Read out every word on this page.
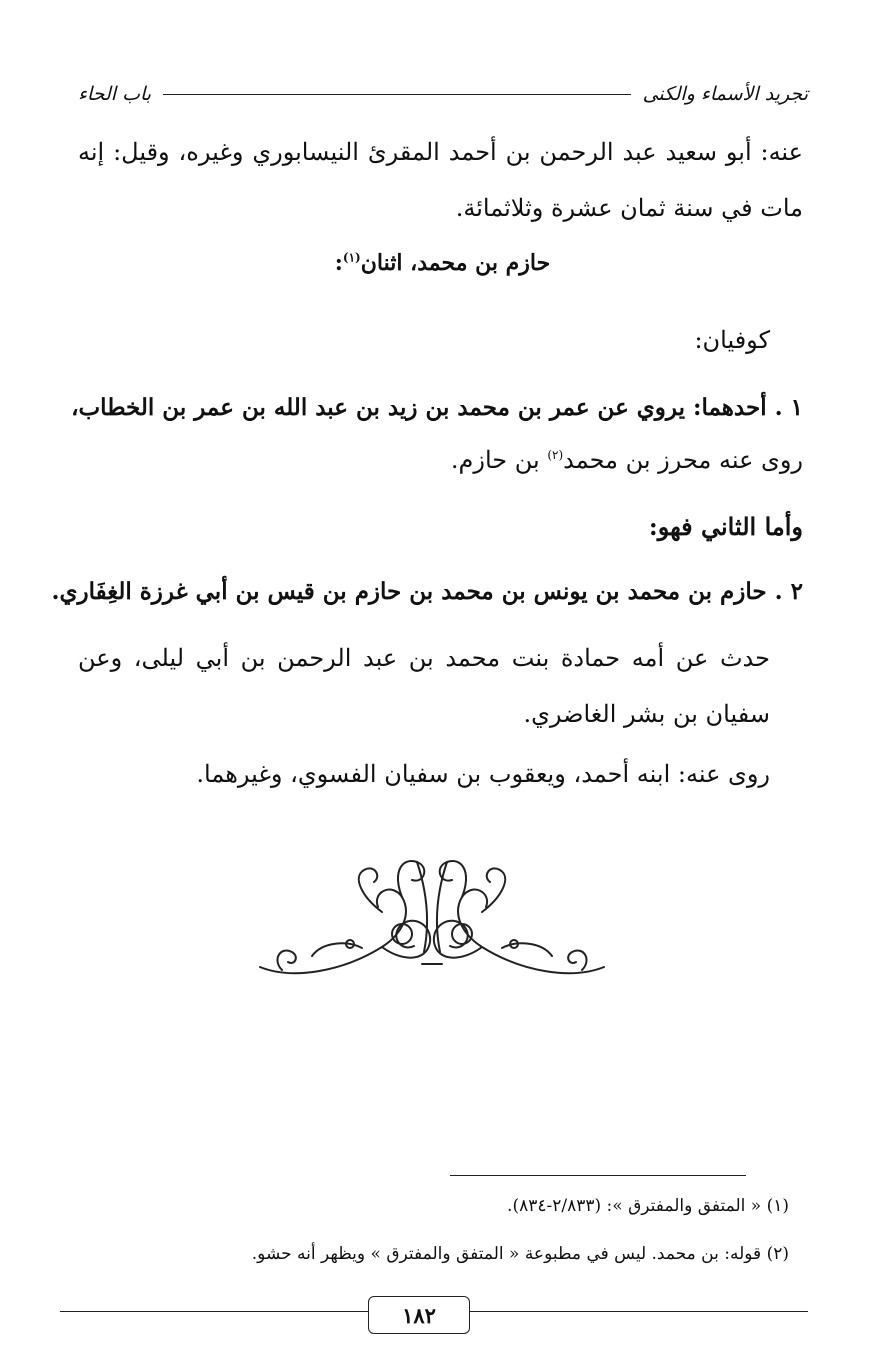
تجريد الأسماء والكنى
باب الحاء
عنه: أبو سعيد عبد الرحمن بن أحمد المقرئ النيسابوري وغيره، وقيل: إنه مات في سنة ثمان عشرة وثلاثمائة.
حازم بن محمد، اثنان$^{(١)}$:
كوفيان:
١ . أحدهما: يروي عن عمر بن محمد بن زيد بن عبد الله بن عمر بن الخطاب،
روى عنه محرز بن محمد$^{(٢)}$ بن حازم.
وأما الثاني فهو:
٢ . حازم بن محمد بن يونس بن محمد بن حازم بن قيس بن أبي غرزة الغِفَاري.
حدث عن أمه حمادة بنت محمد بن عبد الرحمن بن أبي ليلى، وعن سفيان بن بشر الغاضري.
روى عنه: ابنه أحمد، ويعقوب بن سفيان الفسوي، وغيرهما.
(١) « المتفق والمفترق »: (٢/٨٣٣-٨٣٤).
(٢) قوله: بن محمد. ليس في مطبوعة « المتفق والمفترق » ويظهر أنه حشو.
١٨٢
